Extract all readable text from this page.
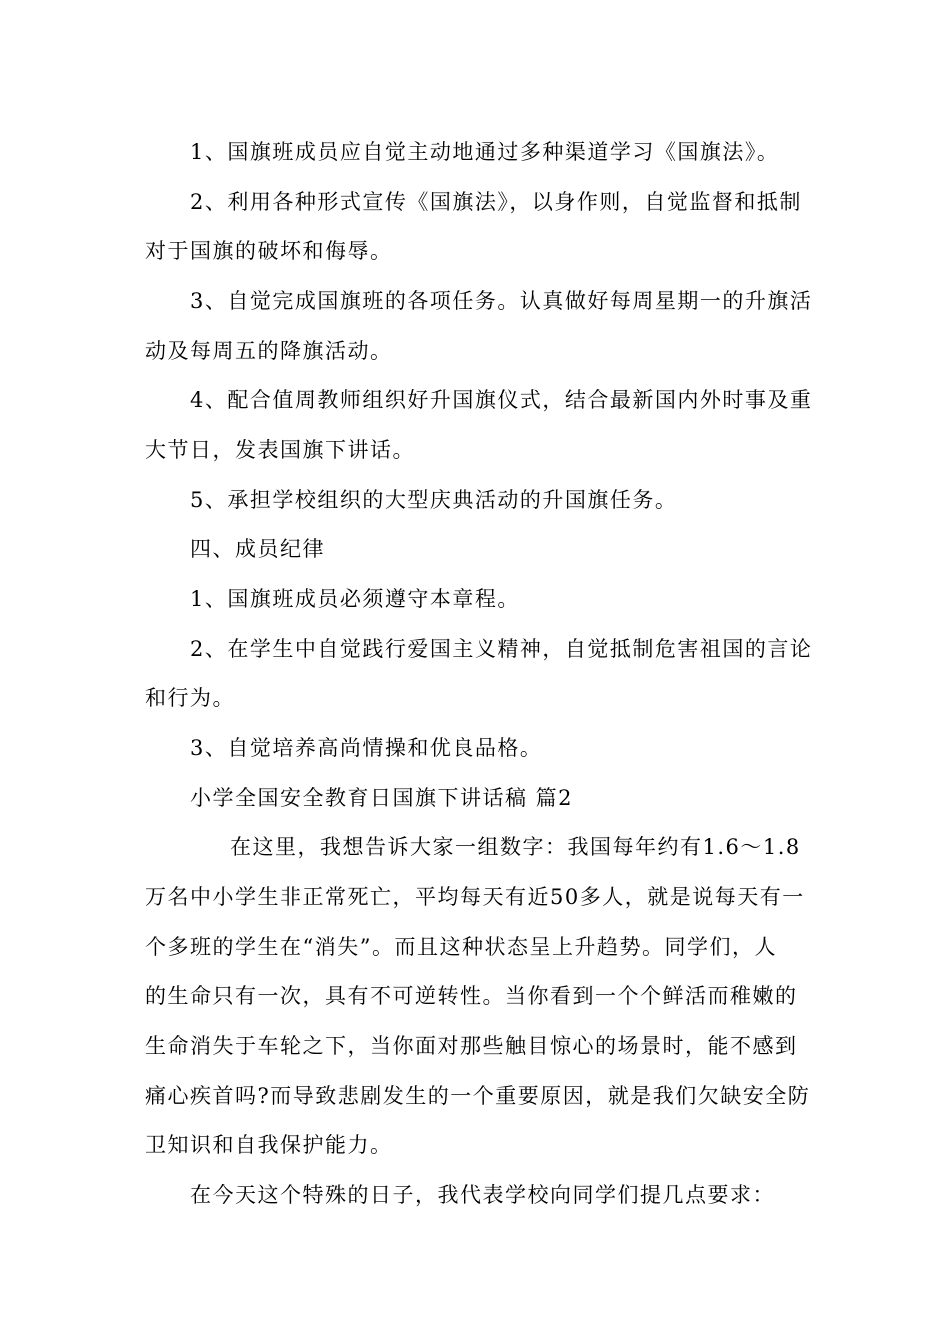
1、国旗班成员应自觉主动地通过多种渠道学习《国旗法》。
2、利用各种形式宣传《国旗法》，以身作则，自觉监督和抵制
对于国旗的破坏和侮辱。
3、自觉完成国旗班的各项任务。认真做好每周星期一的升旗活
动及每周五的降旗活动。
4、配合值周教师组织好升国旗仪式，结合最新国内外时事及重
大节日，发表国旗下讲话。
5、承担学校组织的大型庆典活动的升国旗任务。
四、成员纪律
1、国旗班成员必须遵守本章程。
2、在学生中自觉践行爱国主义精神，自觉抵制危害祖国的言论
和行为。
3、自觉培养高尚情操和优良品格。
小学全国安全教育日国旗下讲话稿 篇2
在这里，我想告诉大家一组数字：我国每年约有1.6～1.8
万名中小学生非正常死亡，平均每天有近50多人，就是说每天有一
个多班的学生在“消失”。而且这种状态呈上升趋势。同学们，人
的生命只有一次，具有不可逆转性。当你看到一个个鲜活而稚嫩的
生命消失于车轮之下，当你面对那些触目惊心的场景时，能不感到
痛心疾首吗?而导致悲剧发生的一个重要原因，就是我们欠缺安全防
卫知识和自我保护能力。
在今天这个特殊的日子，我代表学校向同学们提几点要求：
